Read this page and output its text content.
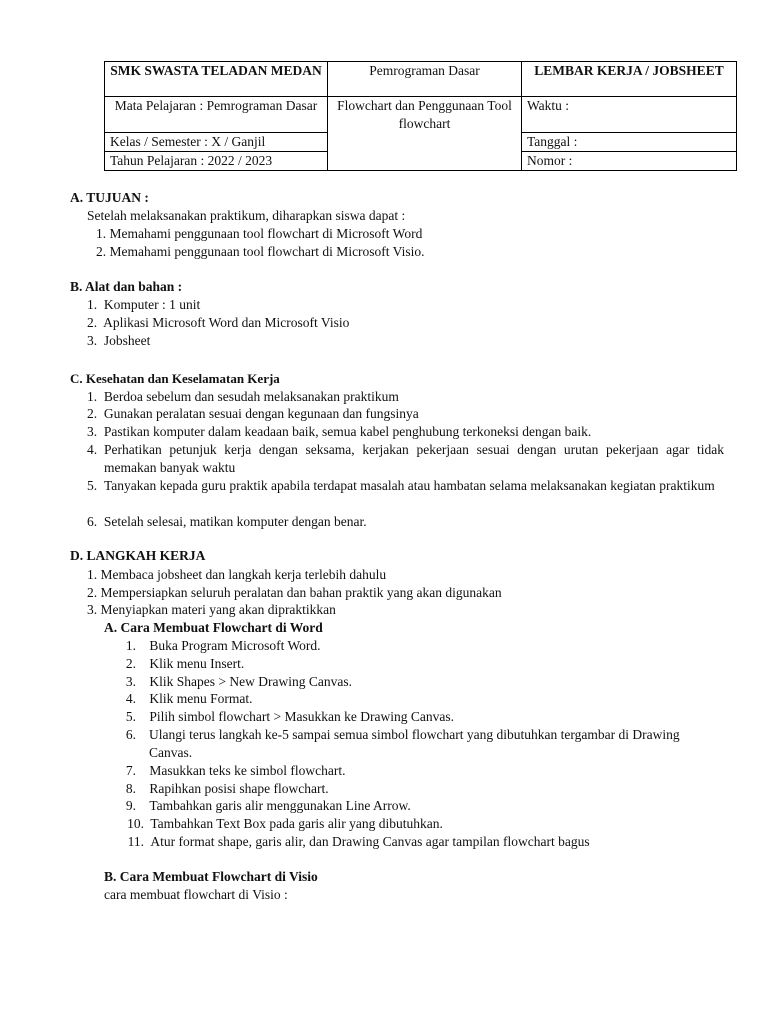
SMK SWASTA TELADAN MEDAN	Pemrograman Dasar	LEMBAR KERJA / JOBSHEET
Mata Pelajaran : Pemrograman Dasar	Flowchart dan Penggunaan Tool flowchart	Waktu :
Kelas / Semester : X / Ganjil		Tanggal :
Tahun Pelajaran : 2022 / 2023		Nomor :
A. TUJUAN :
Setelah melaksanakan praktikum, diharapkan siswa dapat :
1. Memahami penggunaan tool flowchart di Microsoft Word
2. Memahami penggunaan tool flowchart di Microsoft Visio.
B. Alat dan bahan :
1. Komputer : 1 unit
2. Aplikasi Microsoft Word dan Microsoft Visio
3. Jobsheet
C. Kesehatan dan Keselamatan Kerja
1. Berdoa sebelum dan sesudah melaksanakan praktikum
2. Gunakan peralatan sesuai dengan kegunaan dan fungsinya
3. Pastikan komputer dalam keadaan baik, semua kabel penghubung terkoneksi dengan baik.
4. Perhatikan petunjuk kerja dengan seksama, kerjakan pekerjaan sesuai dengan urutan pekerjaan agar tidak memakan banyak waktu
5. Tanyakan kepada guru praktik apabila terdapat masalah atau hambatan selama melaksanakan kegiatan praktikum
6. Setelah selesai, matikan komputer dengan benar.
D. LANGKAH KERJA
1. Membaca jobsheet dan langkah kerja terlebih dahulu
2. Mempersiapkan seluruh peralatan dan bahan praktik yang akan digunakan
3. Menyiapkan materi yang akan dipraktikkan
A. Cara Membuat Flowchart di Word
1. Buka Program Microsoft Word.
2. Klik menu Insert.
3. Klik Shapes > New Drawing Canvas.
4. Klik menu Format.
5. Pilih simbol flowchart > Masukkan ke Drawing Canvas.
6. Ulangi terus langkah ke-5 sampai semua simbol flowchart yang dibutuhkan tergambar di Drawing Canvas.
7. Masukkan teks ke simbol flowchart.
8. Rapihkan posisi shape flowchart.
9. Tambahkan garis alir menggunakan Line Arrow.
10. Tambahkan Text Box pada garis alir yang dibutuhkan.
11. Atur format shape, garis alir, dan Drawing Canvas agar tampilan flowchart bagus
B. Cara Membuat Flowchart di Visio
cara membuat flowchart di Visio :
